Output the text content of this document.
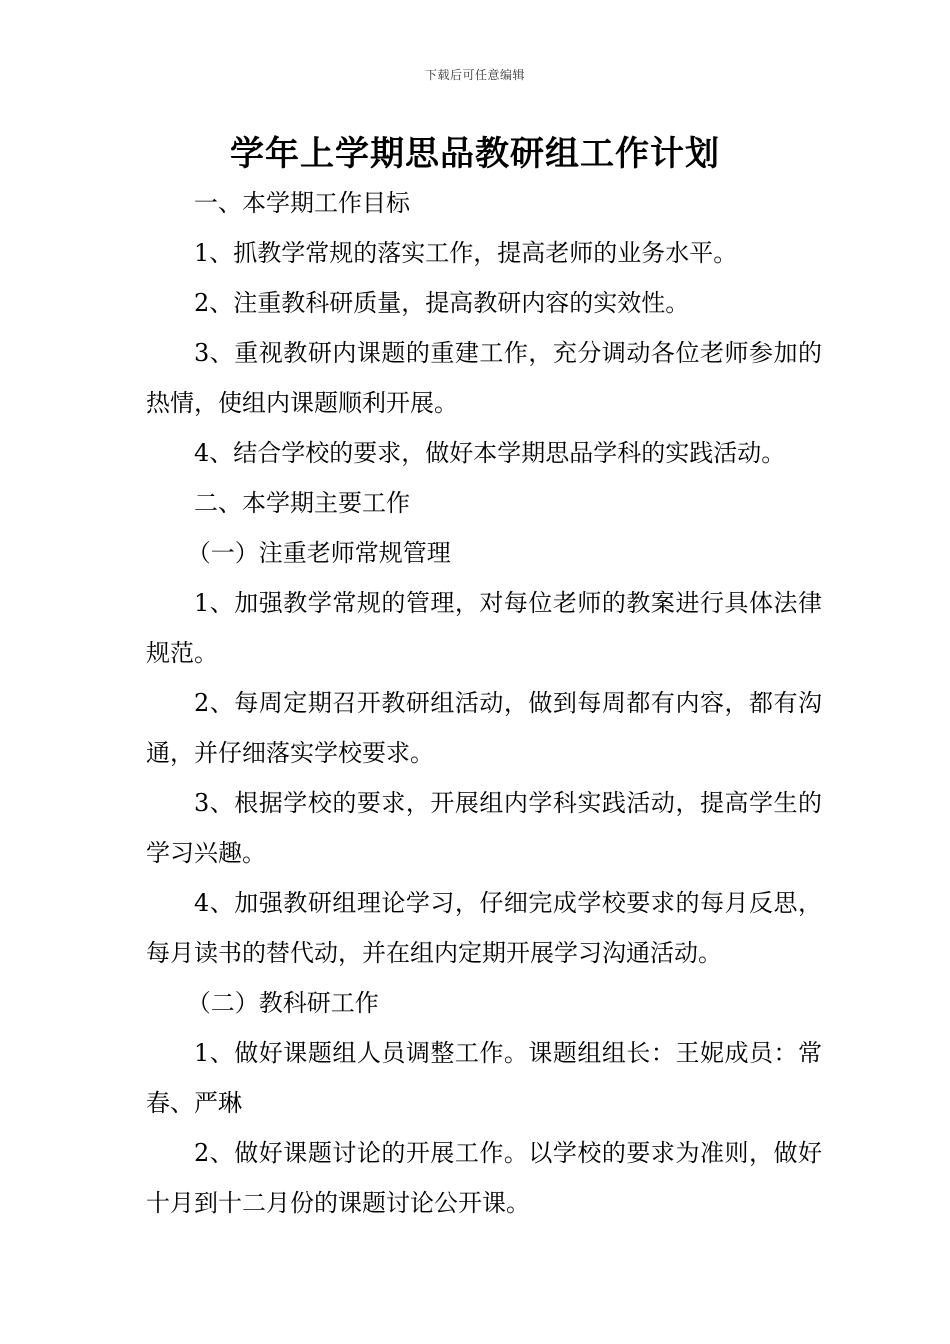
下载后可任意编辑
学年上学期思品教研组工作计划

一、本学期工作目标

1、抓教学常规的落实工作，提高老师的业务水平。

2、注重教科研质量，提高教研内容的实效性。

3、重视教研内课题的重建工作，充分调动各位老师参加的热情，使组内课题顺利开展。

4、结合学校的要求，做好本学期思品学科的实践活动。

二、本学期主要工作

（一）注重老师常规管理

1、加强教学常规的管理，对每位老师的教案进行具体法律规范。

2、每周定期召开教研组活动，做到每周都有内容，都有沟通，并仔细落实学校要求。

3、根据学校的要求，开展组内学科实践活动，提高学生的学习兴趣。

4、加强教研组理论学习，仔细完成学校要求的每月反思，每月读书的替代动，并在组内定期开展学习沟通活动。

（二）教科研工作

1、做好课题组人员调整工作。课题组组长：王妮成员：常春、严琳

2、做好课题讨论的开展工作。以学校的要求为准则，做好十月到十二月份的课题讨论公开课。
